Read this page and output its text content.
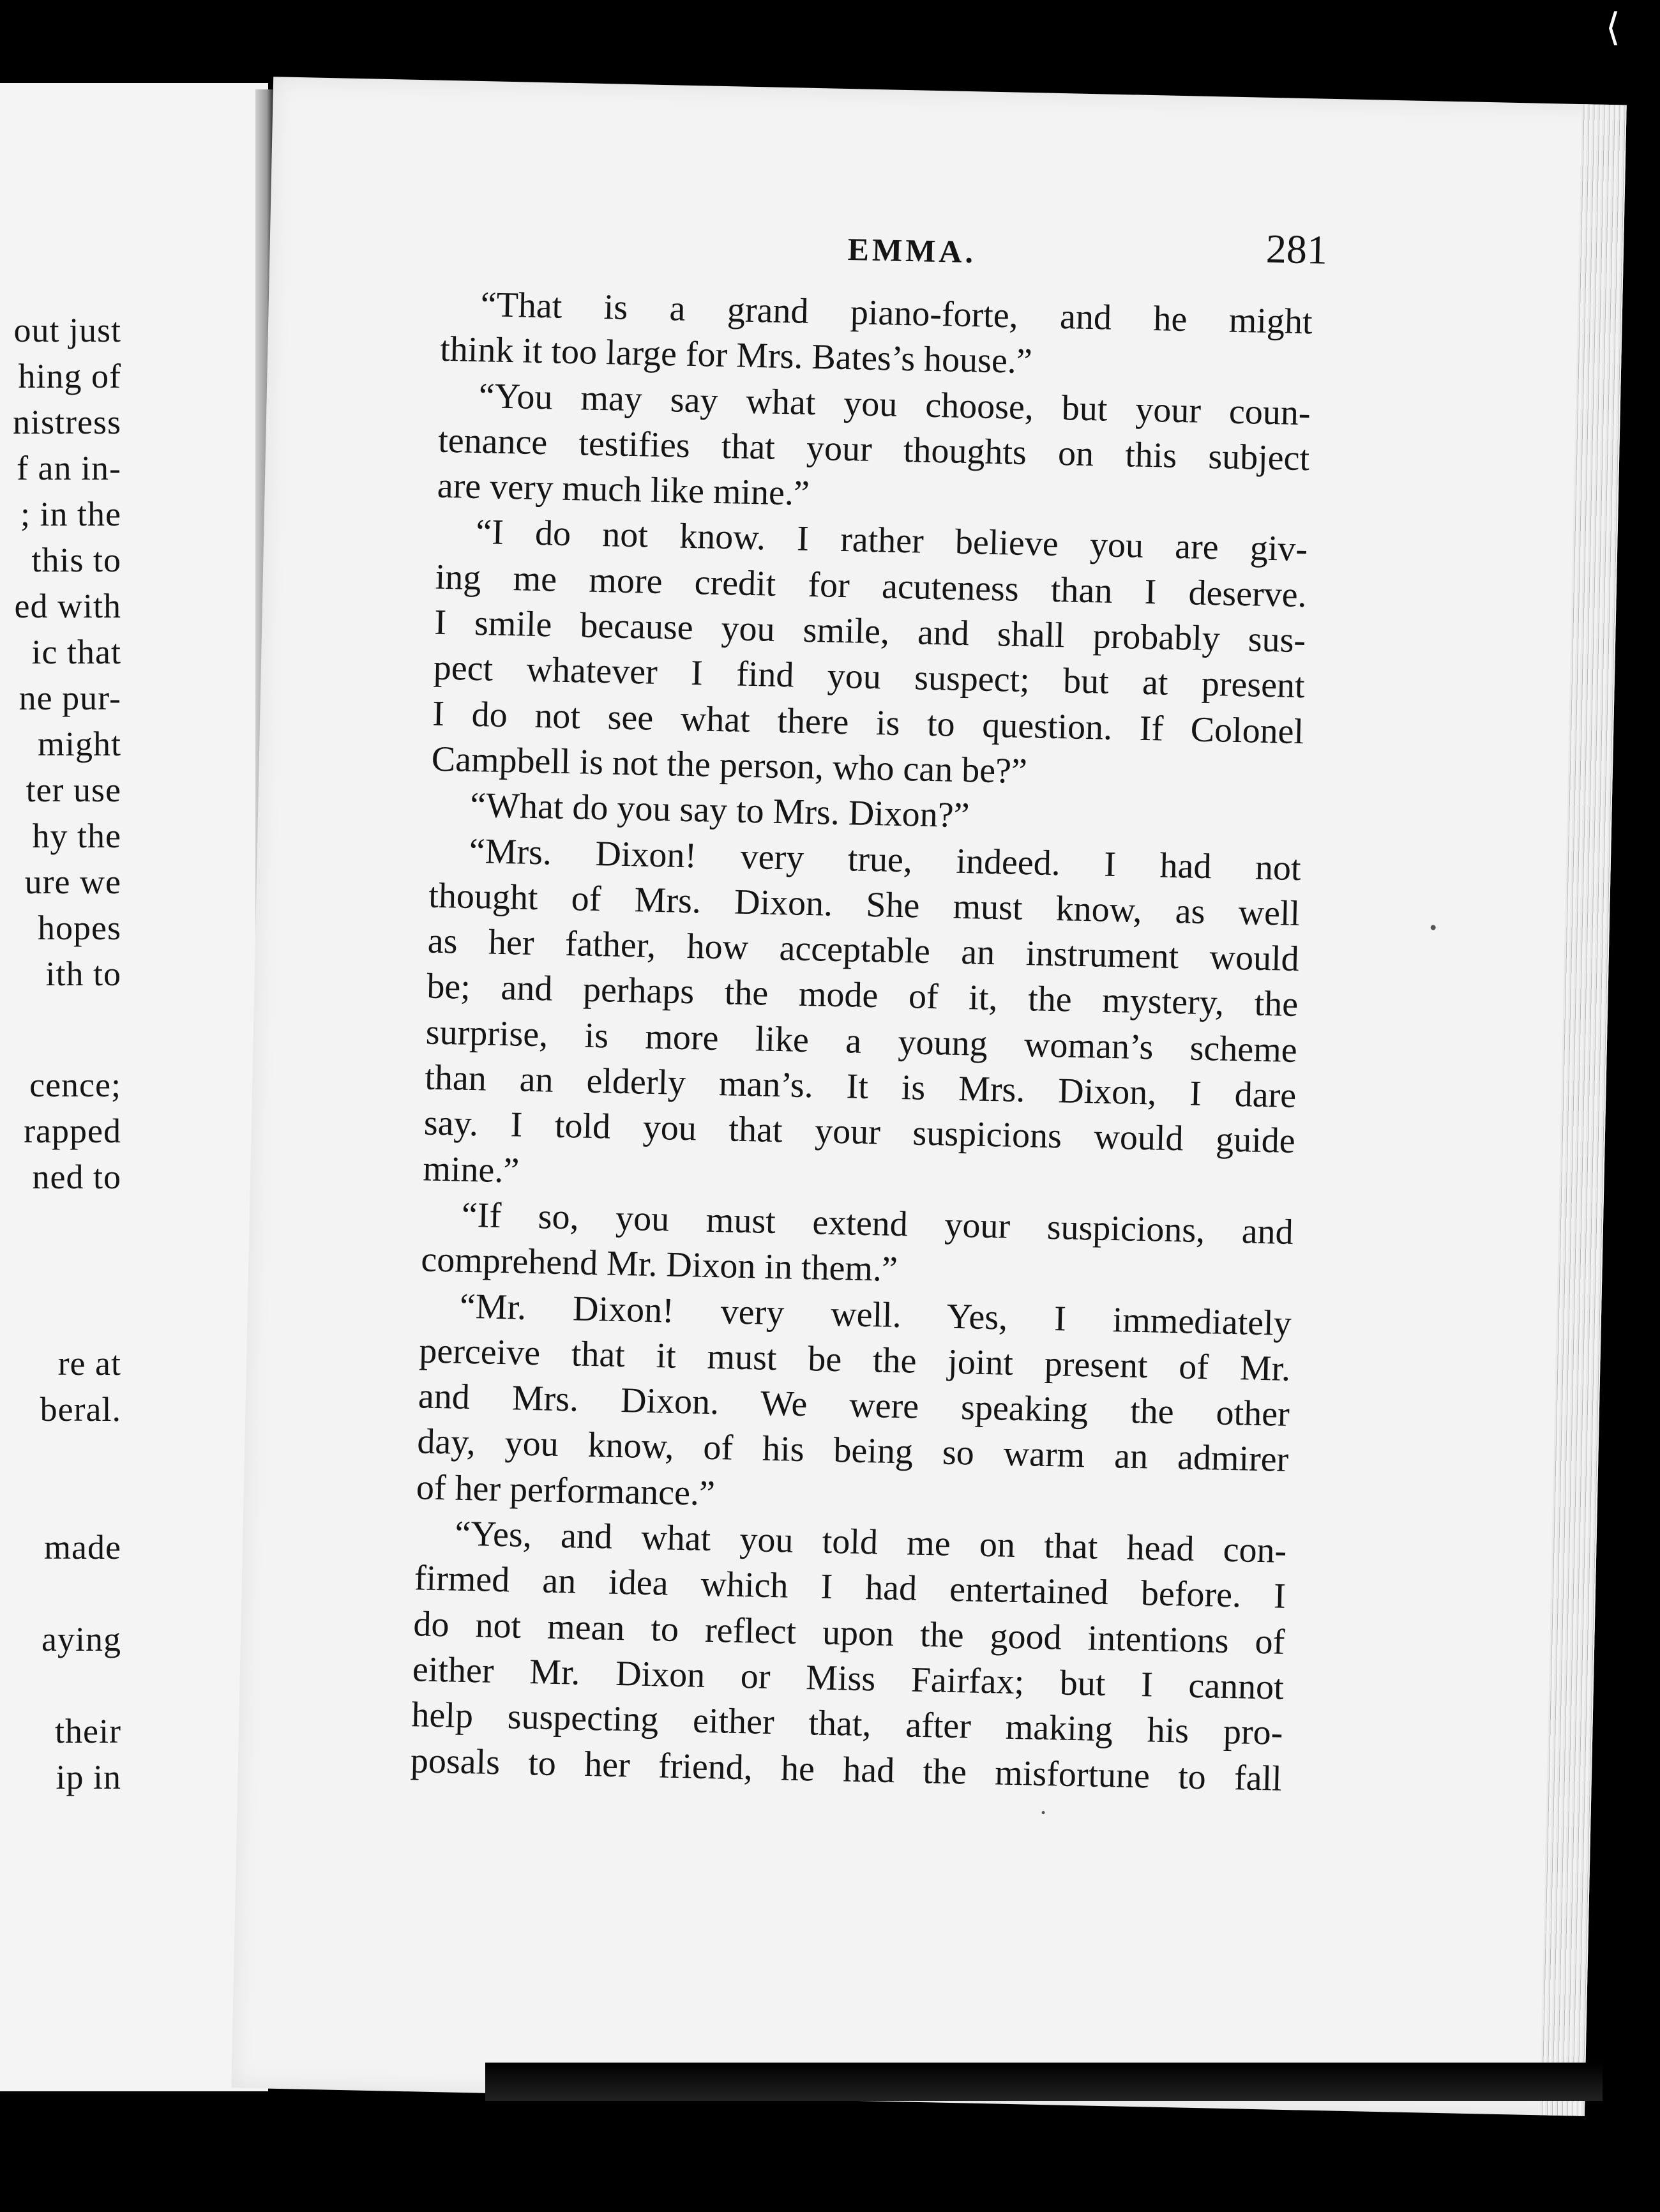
out just
hing of
nistress
f an in-
; in the
this to
ed with
ic that
ne pur-
might
ter use
hy the
ure we
hopes
ith to
cence;
rapped
ned to
re at
beral.
made
aying
their
ip in
EMMA.	281
“That is a grand piano-forte, and he might
think it too large for Mrs. Bates’s house.”
“You may say what you choose, but your coun-
tenance testifies that your thoughts on this subject
are very much like mine.”
“I do not know. I rather believe you are giv-
ing me more credit for acuteness than I deserve.
I smile because you smile, and shall probably sus-
pect whatever I find you suspect; but at present
I do not see what there is to question. If Colonel
Campbell is not the person, who can be?”
“What do you say to Mrs. Dixon?”
“Mrs. Dixon! very true, indeed. I had not
thought of Mrs. Dixon. She must know, as well
as her father, how acceptable an instrument would
be; and perhaps the mode of it, the mystery, the
surprise, is more like a young woman’s scheme
than an elderly man’s. It is Mrs. Dixon, I dare
say. I told you that your suspicions would guide
mine.”
“If so, you must extend your suspicions, and
comprehend Mr. Dixon in them.”
“Mr. Dixon! very well. Yes, I immediately
perceive that it must be the joint present of Mr.
and Mrs. Dixon. We were speaking the other
day, you know, of his being so warm an admirer
of her performance.”
“Yes, and what you told me on that head con-
firmed an idea which I had entertained before. I
do not mean to reflect upon the good intentions of
either Mr. Dixon or Miss Fairfax; but I cannot
help suspecting either that, after making his pro-
posals to her friend, he had the misfortune to fall
⟨
